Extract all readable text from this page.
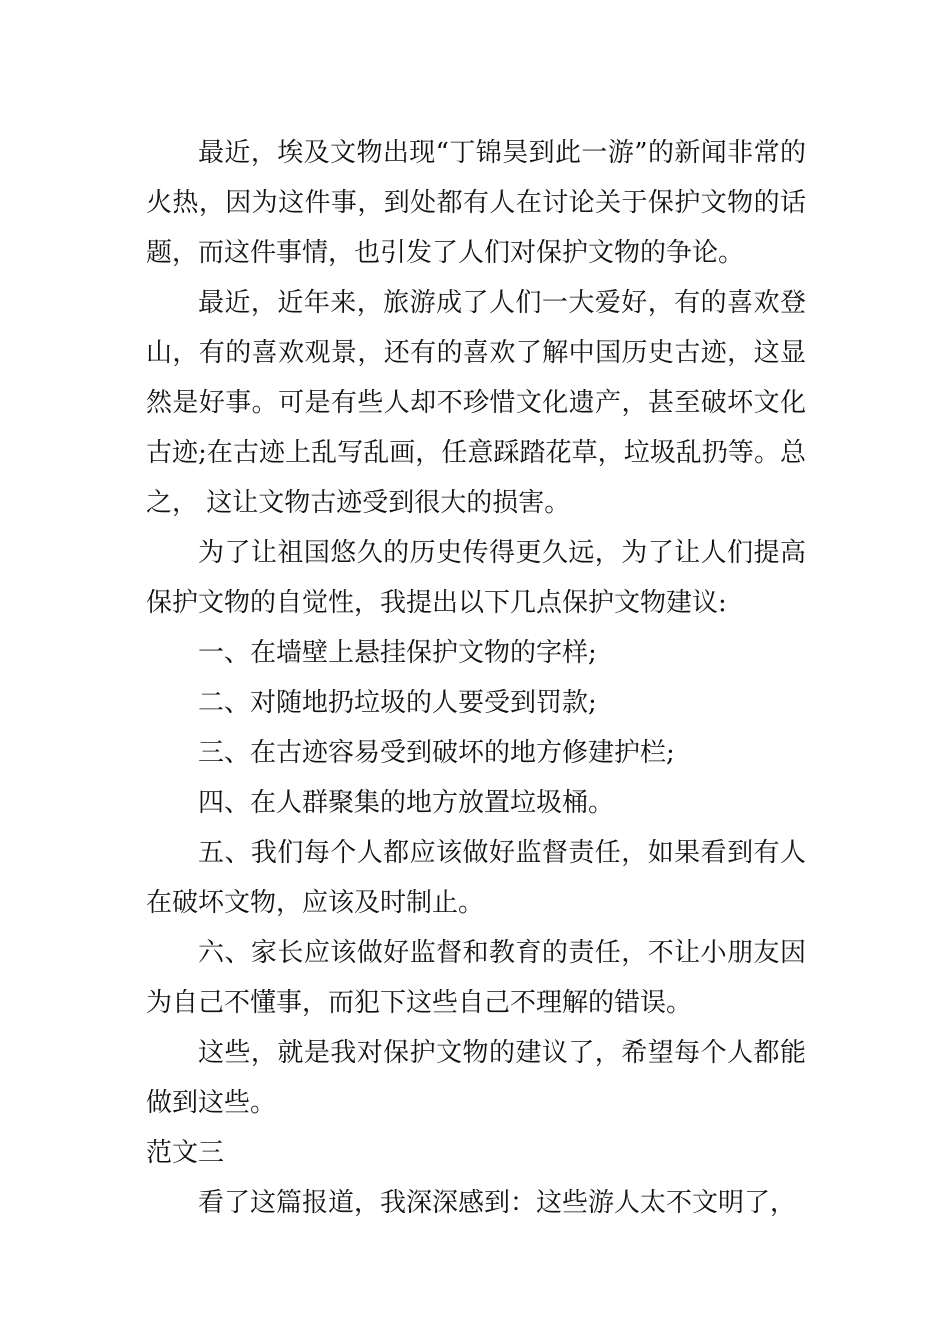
最近，埃及文物出现“丁锦昊到此一游”的新闻非常的火热，因为这件事，到处都有人在讨论关于保护文物的话题，而这件事情，也引发了人们对保护文物的争论。

最近，近年来，旅游成了人们一大爱好，有的喜欢登山，有的喜欢观景，还有的喜欢了解中国历史古迹，这显然是好事。可是有些人却不珍惜文化遗产，甚至破坏文化古迹;在古迹上乱写乱画，任意踩踏花草，垃圾乱扔等。总之， 这让文物古迹受到很大的损害。

为了让祖国悠久的历史传得更久远，为了让人们提高保护文物的自觉性，我提出以下几点保护文物建议:

一、在墙壁上悬挂保护文物的字样;

二、对随地扔垃圾的人要受到罚款;

三、在古迹容易受到破坏的地方修建护栏;

四、在人群聚集的地方放置垃圾桶。

五、我们每个人都应该做好监督责任，如果看到有人在破坏文物，应该及时制止。

六、家长应该做好监督和教育的责任，不让小朋友因为自己不懂事，而犯下这些自己不理解的错误。

这些，就是我对保护文物的建议了，希望每个人都能做到这些。

范文三

看了这篇报道，我深深感到：这些游人太不文明了，
